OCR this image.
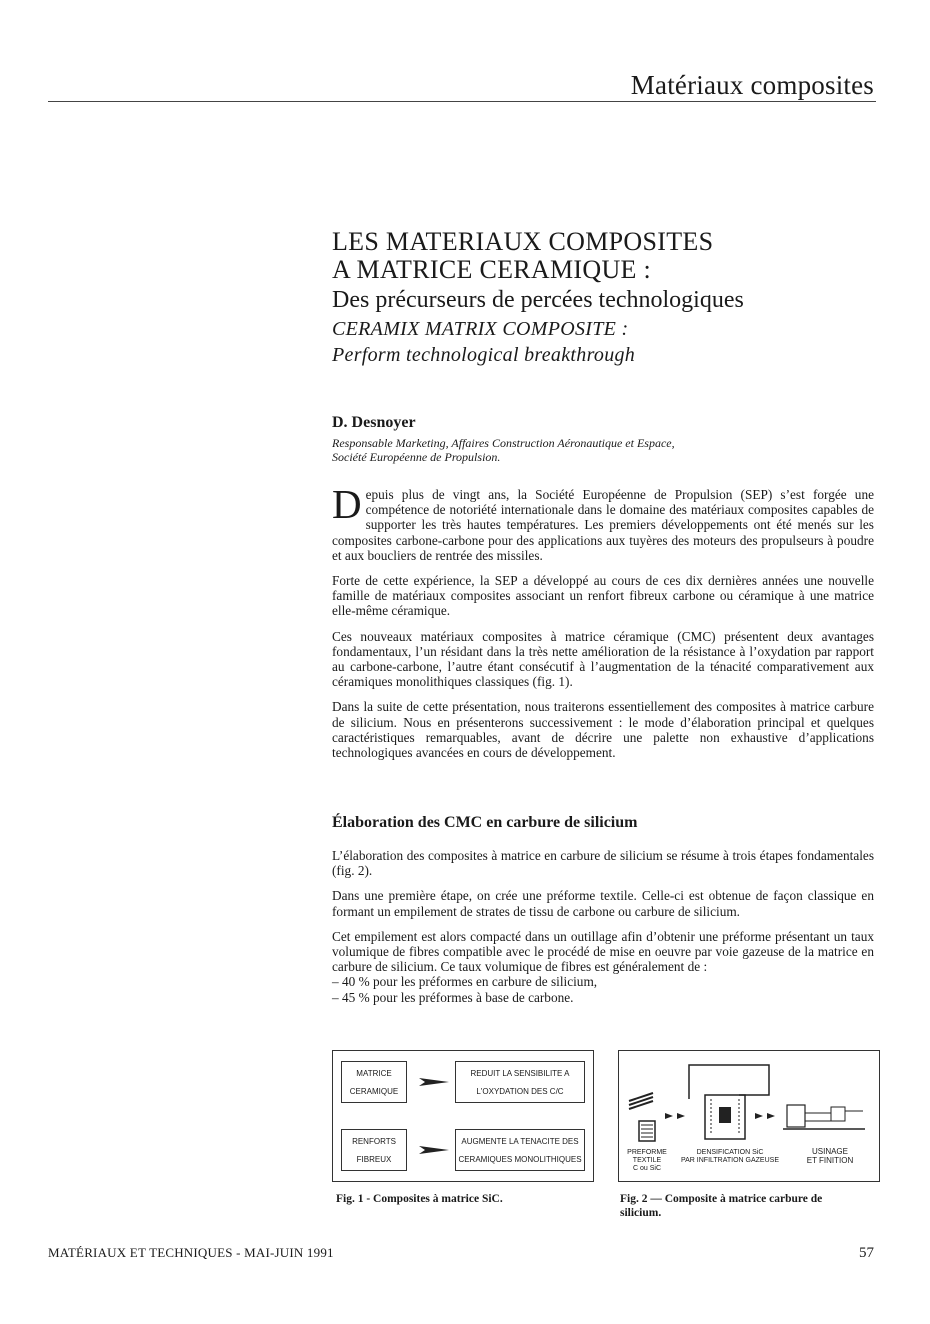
Matériaux composites

LES MATERIAUX COMPOSITES

A MATRICE CERAMIQUE :

Des précurseurs de percées technologiques

CERAMIX MATRIX COMPOSITE :

Perform technological breakthrough

D. Desnoyer

Responsable Marketing, Affaires Construction Aéronautique et Espace,

Société Européenne de Propulsion.

Depuis plus de vingt ans, la Société Européenne de Propulsion (SEP) s’est forgée une compétence de notoriété internationale dans le domaine des matériaux composites capables de supporter les très hautes températures. Les premiers développements ont été menés sur les composites carbone-carbone pour des applications aux tuyères des moteurs des propulseurs à poudre et aux boucliers de rentrée des missiles.

Forte de cette expérience, la SEP a développé au cours de ces dix dernières années une nouvelle famille de matériaux composites associant un renfort fibreux carbone ou céramique à une matrice elle-même céramique.

Ces nouveaux matériaux composites à matrice céramique (CMC) présentent deux avantages fondamentaux, l’un résidant dans la très nette amélioration de la résistance à l’oxydation par rapport au carbone-carbone, l’autre étant consécutif à l’augmentation de la ténacité comparativement aux céramiques monolithiques classiques (fig. 1).

Dans la suite de cette présentation, nous traiterons essentiellement des composites à matrice carbure de silicium. Nous en présenterons successivement : le mode d’élaboration principal et quelques caractéristiques remarquables, avant de décrire une palette non exhaustive d’applications technologiques avancées en cours de développement.

Élaboration des CMC en carbure de silicium

L’élaboration des composites à matrice en carbure de silicium se résume à trois étapes fondamentales (fig. 2).

Dans une première étape, on crée une préforme textile. Celle-ci est obtenue de façon classique en formant un empilement de strates de tissu de carbone ou carbure de silicium.

Cet empilement est alors compacté dans un outillage afin d’obtenir une préforme présentant un taux volumique de fibres compatible avec le procédé de mise en oeuvre par voie gazeuse de la matrice en carbure de silicium. Ce taux volumique de fibres est généralement de :

– 40 % pour les préformes en carbure de silicium,

– 45 % pour les préformes à base de carbone.

MATRICE
CERAMIQUE
REDUIT LA SENSIBILITE A
L'OXYDATION DES C/C
RENFORTS
FIBREUX
AUGMENTE LA TENACITE DES
CERAMIQUES MONOLITHIQUES
Fig. 1 - Composites à matrice SiC.
PREFORME
TEXTILE
C ou SiC
DENSIFICATION SiC
PAR INFILTRATION GAZEUSE
USINAGE
ET FINITION
Fig. 2 — Composite à matrice carbure de
silicium.
MATÉRIAUX ET TECHNIQUES - MAI-JUIN 1991	57
